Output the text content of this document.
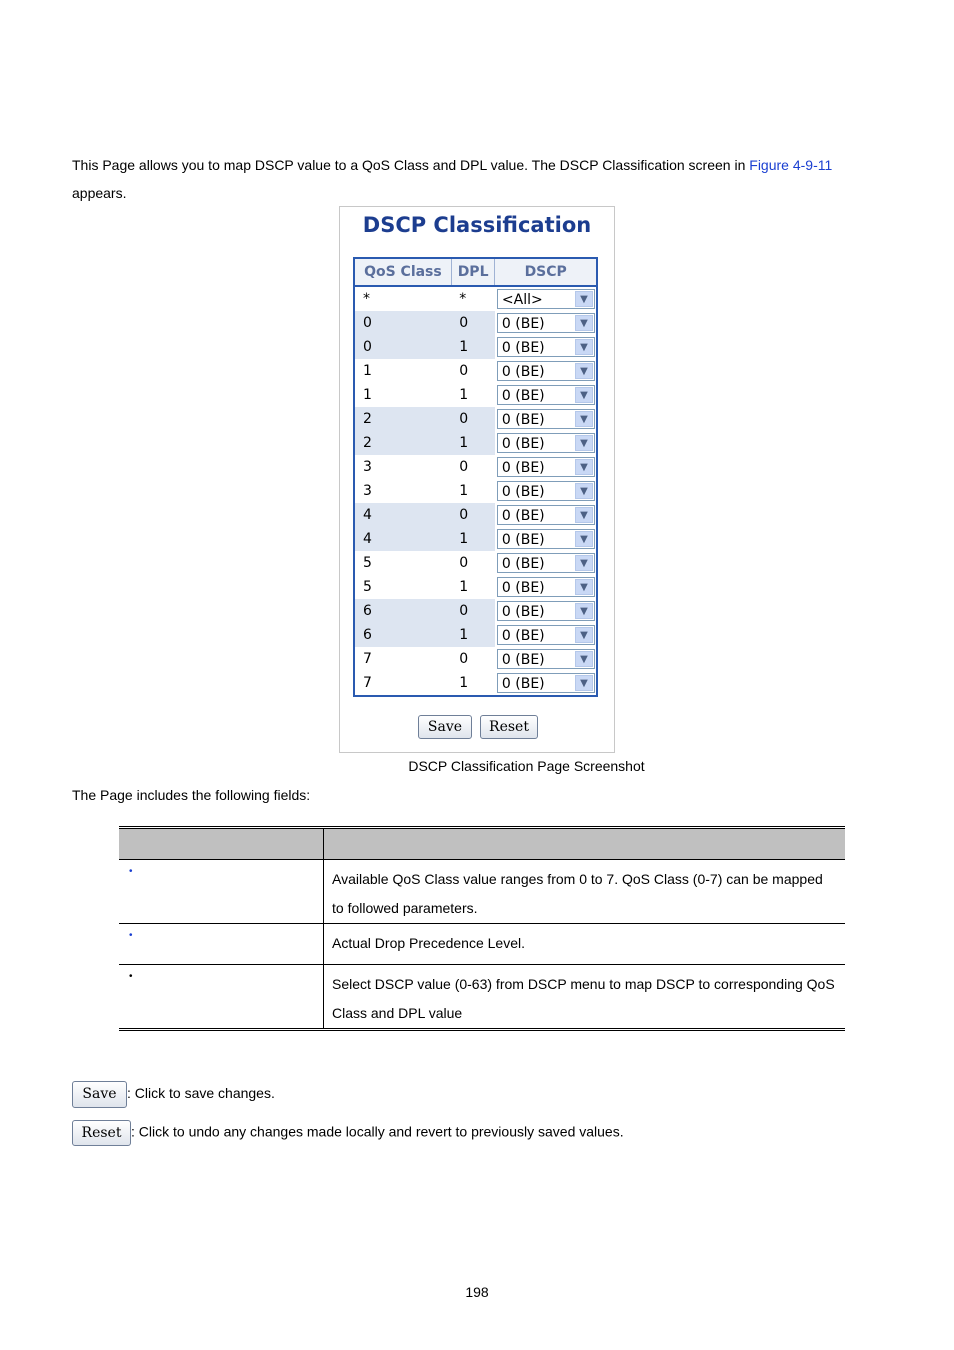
This Page allows you to map DSCP value to a QoS Class and DPL value. The DSCP Classification screen in Figure 4-9-11
appears.
DSCP Classification
QoS Class	DPL	DSCP
*	*	<All> ▼

0	0	0 (BE) ▼

0	1	0 (BE) ▼

1	0	0 (BE) ▼

1	1	0 (BE) ▼

2	0	0 (BE) ▼

2	1	0 (BE) ▼

3	0	0 (BE) ▼

3	1	0 (BE) ▼

4	0	0 (BE) ▼

4	1	0 (BE) ▼

5	0	0 (BE) ▼

5	1	0 (BE) ▼

6	0	0 (BE) ▼

6	1	0 (BE) ▼

7	0	0 (BE) ▼

7	1	0 (BE) ▼
Save	Reset
DSCP Classification Page Screenshot
The Page includes the following fields:

•	Available QoS Class value ranges from 0 to 7. QoS Class (0-7) can be mapped to followed parameters.
•	Actual Drop Precedence Level.
•	Select DSCP value (0-63) from DSCP menu to map DSCP to corresponding QoS Class and DPL value
Save : Click to save changes.
Reset : Click to undo any changes made locally and revert to previously saved values.
198
